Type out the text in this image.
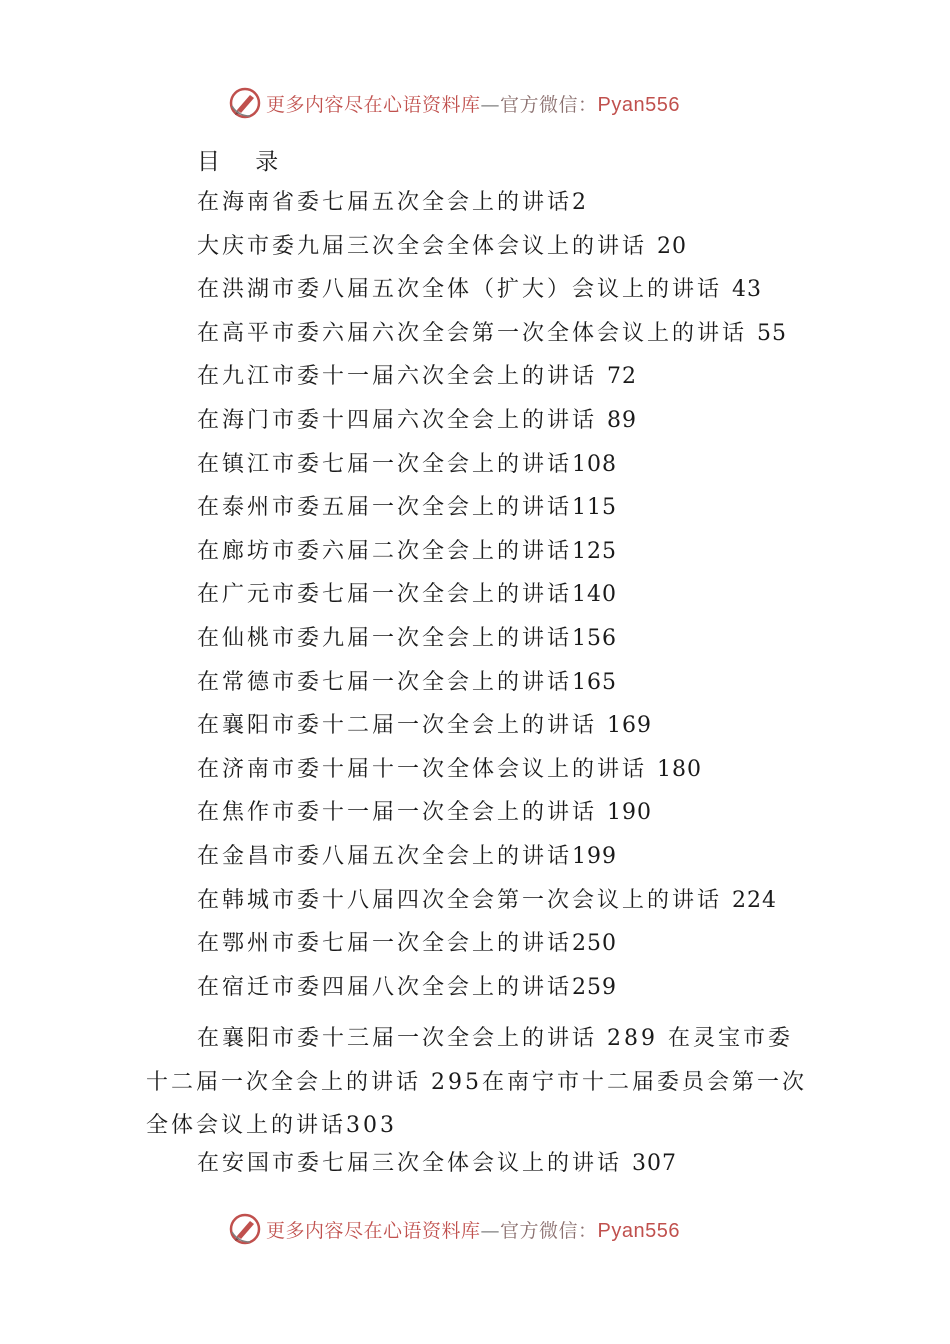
更多内容尽在心语资料库—官方微信：Pyan556
目 录
在海南省委七届五次全会上的讲话2
大庆市委九届三次全会全体会议上的讲话 20
在洪湖市委八届五次全体（扩大）会议上的讲话 43
在高平市委六届六次全会第一次全体会议上的讲话 55
在九江市委十一届六次全会上的讲话 72
在海门市委十四届六次全会上的讲话 89
在镇江市委七届一次全会上的讲话108
在泰州市委五届一次全会上的讲话115
在廊坊市委六届二次全会上的讲话125
在广元市委七届一次全会上的讲话140
在仙桃市委九届一次全会上的讲话156
在常德市委七届一次全会上的讲话165
在襄阳市委十二届一次全会上的讲话 169
在济南市委十届十一次全体会议上的讲话 180
在焦作市委十一届一次全会上的讲话 190
在金昌市委八届五次全会上的讲话199
在韩城市委十八届四次全会第一次会议上的讲话 224
在鄂州市委七届一次全会上的讲话250
在宿迁市委四届八次全会上的讲话259
在襄阳市委十三届一次全会上的讲话 289 在灵宝市委十二届一次全会上的讲话 295在南宁市十二届委员会第一次全体会议上的讲话303
在安国市委七届三次全体会议上的讲话 307
更多内容尽在心语资料库—官方微信：Pyan556
